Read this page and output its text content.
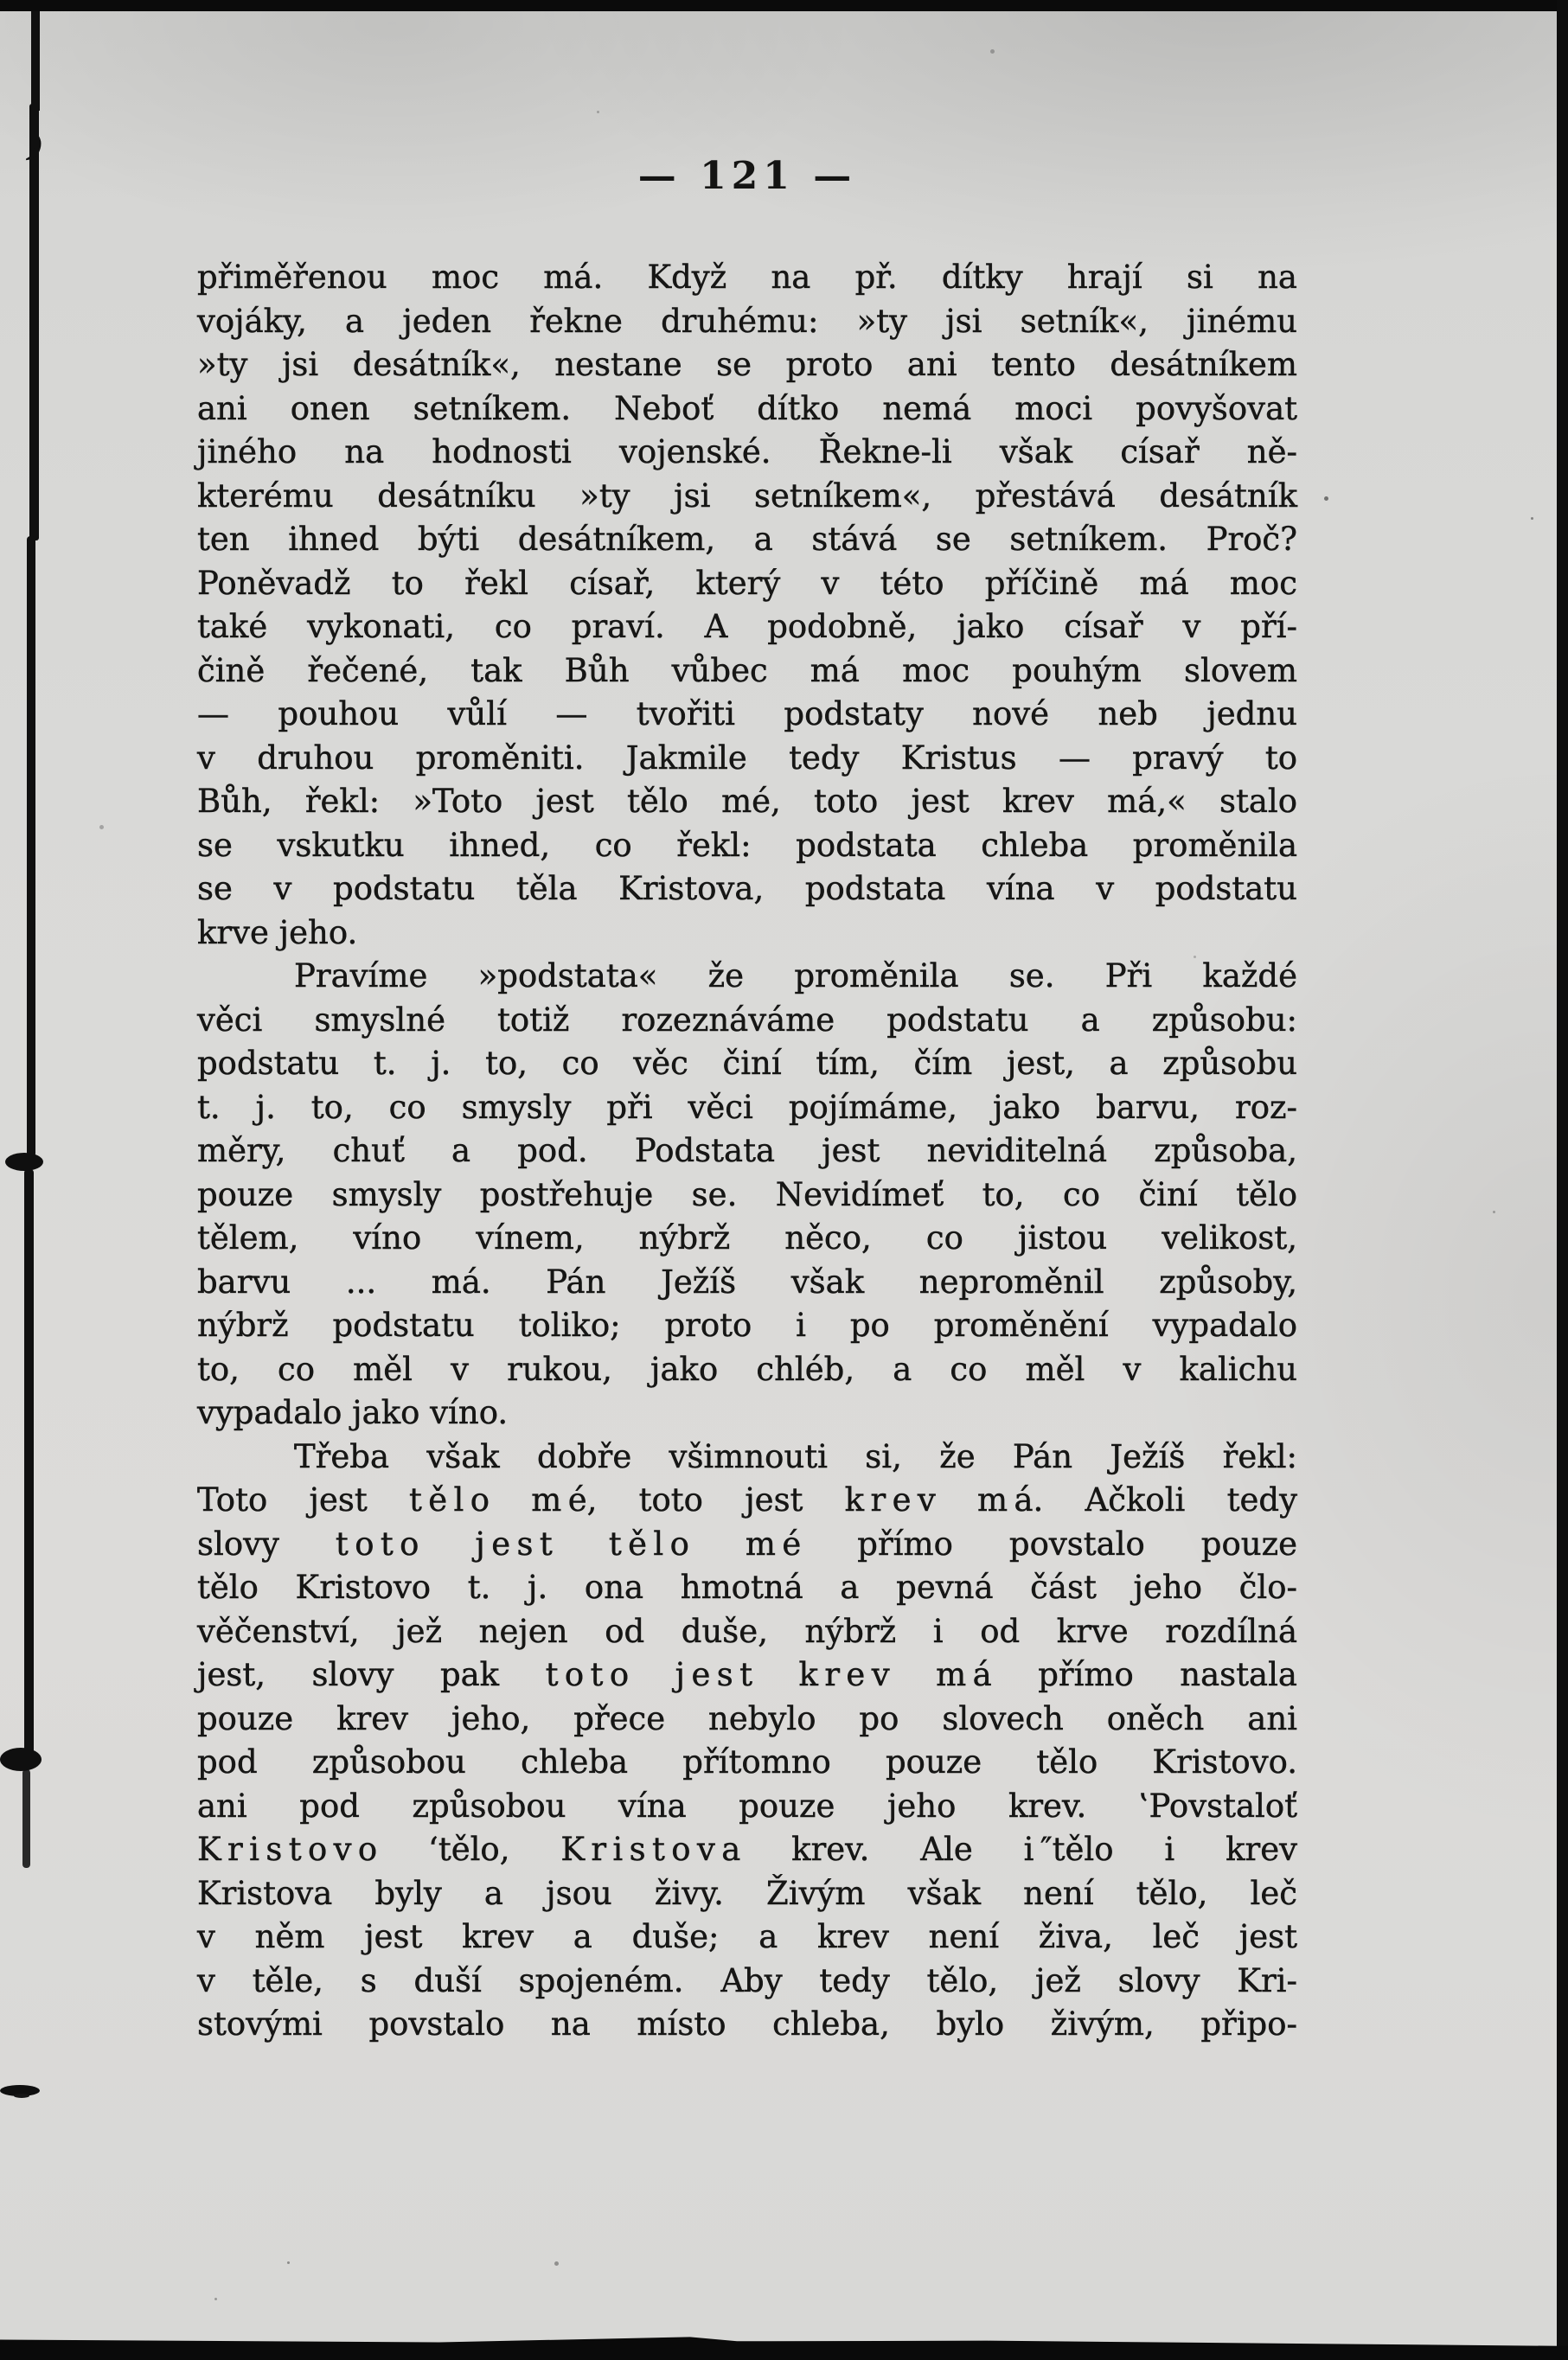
— 121 —
přiměřenou moc má. Když na př. dítky hrají si na
vojáky, a jeden řekne druhému: »ty jsi setník«, jinému
»ty jsi desátník«, nestane se proto ani tento desátníkem
ani onen setníkem. Neboť dítko nemá moci povyšovat
jiného na hodnosti vojenské. Řekne-li však císař ně-
kterému desátníku »ty jsi setníkem«, přestává desátník
ten ihned býti desátníkem, a stává se setníkem. Proč?
Poněvadž to řekl císař, který v této příčině má moc
také vykonati, co praví. A podobně, jako císař v pří-
čině řečené, tak Bůh vůbec má moc pouhým slovem
— pouhou vůlí — tvořiti podstaty nové neb jednu
v druhou proměniti. Jakmile tedy Kristus — pravý to
Bůh, řekl: »Toto jest tělo mé, toto jest krev má,« stalo
se vskutku ihned, co řekl: podstata chleba proměnila
se v podstatu těla Kristova, podstata vína v podstatu
krve jeho.
Pravíme »podstata« že proměnila se. Při každé
věci smyslné totiž rozeznáváme podstatu a způsobu:
podstatu t. j. to, co věc činí tím, čím jest, a způsobu
t. j. to, co smysly při věci pojímáme, jako barvu, roz-
měry, chuť a pod. Podstata jest neviditelná způsoba,
pouze smysly postřehuje se. Nevidímeť to, co činí tělo
tělem, víno vínem, nýbrž něco, co jistou velikost,
barvu ... má. Pán Ježíš však neproměnil způsoby,
nýbrž podstatu toliko; proto i po proměnění vypadalo
to, co měl v rukou, jako chléb, a co měl v kalichu
vypadalo jako víno.
Třeba však dobře všimnouti si, že Pán Ježíš řekl:
Toto jest t ě l o m é, toto jest k r e v m á. Ačkoli tedy
slovy t o t o j e s t t ě l o m é přímo povstalo pouze
tělo Kristovo t. j. ona hmotná a pevná část jeho člo-
věčenství, jež nejen od duše, nýbrž i od krve rozdílná
jest, slovy pak t o t o j e s t k r e v m á přímo nastala
pouze krev jeho, přece nebylo po slovech oněch ani
pod způsobou chleba přítomno pouze tělo Kristovo.
ani pod způsobou vína pouze jeho krev. ‛Povstaloť
K r i s t o v o ʻtělo, K r i s t o v a krev. Ale i ″tělo i krev
Kristova byly a jsou živy. Živým však není tělo, leč
v něm jest krev a duše; a krev není živa, leč jest
v těle, s duší spojeném. Aby tedy tělo, jež slovy Kri-
stovými povstalo na místo chleba, bylo živým, připo-
)
